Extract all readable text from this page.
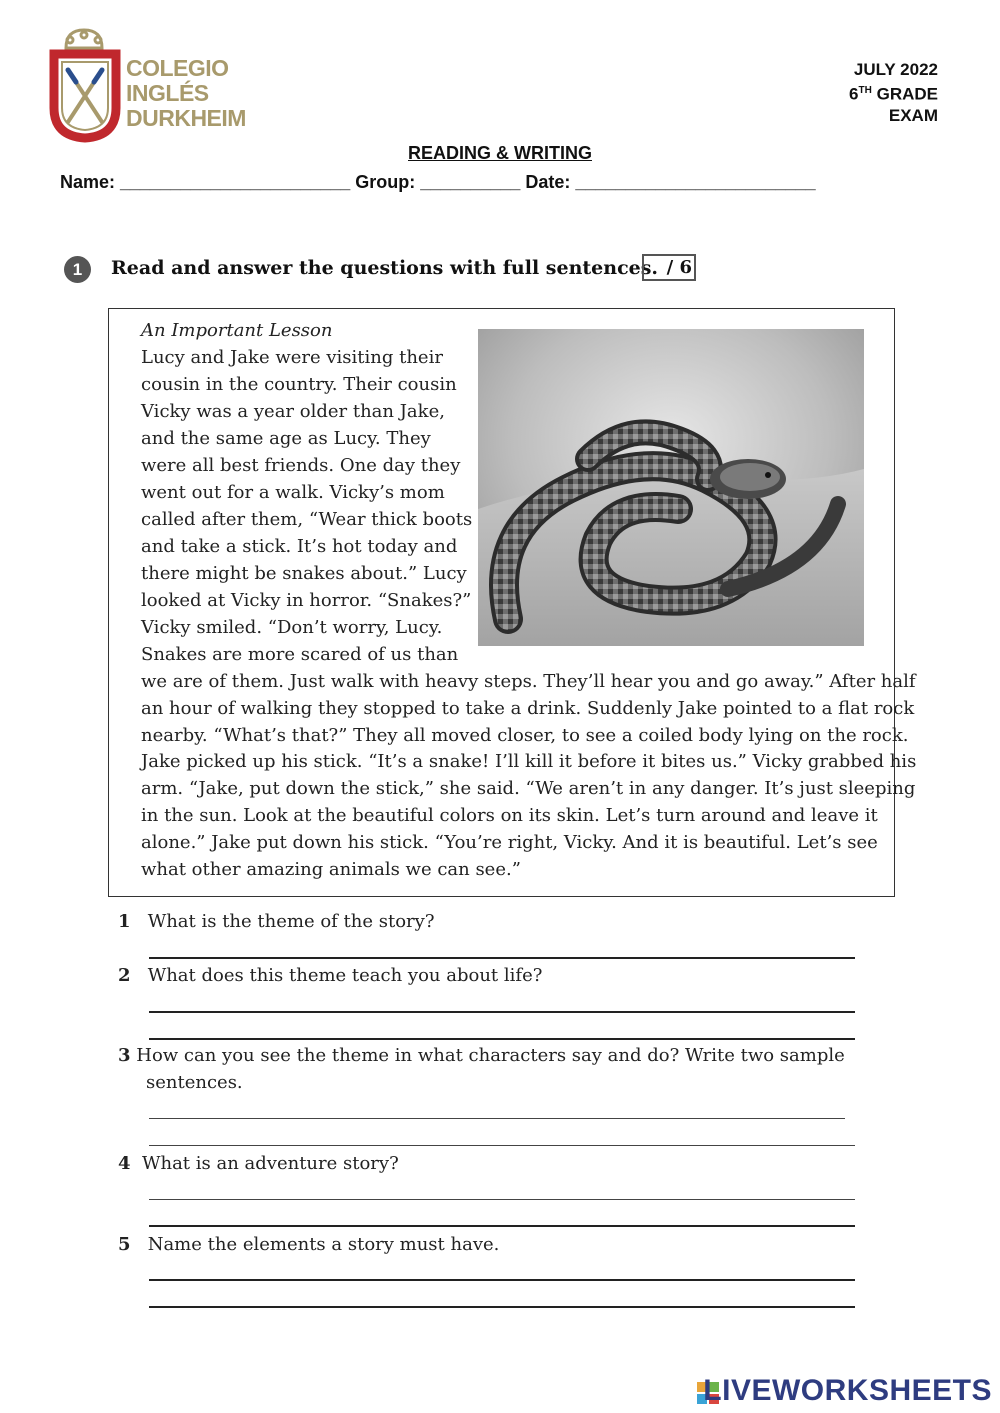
COLEGIO
INGLÉS
DURKHEIM
JULY 2022
6TH GRADE
EXAM
READING & WRITING
Name: _______________________ Group: __________ Date: ________________________
1	Read and answer the questions with full sentences. / 6
An Important Lesson
Lucy and Jake were visiting their
cousin in the country. Their cousin
Vicky was a year older than Jake,
and the same age as Lucy. They
were all best friends. One day they
went out for a walk. Vicky’s mom
called after them, “Wear thick boots
and take a stick. It’s hot today and
there might be snakes about.” Lucy
looked at Vicky in horror. “Snakes?”
Vicky smiled. “Don’t worry, Lucy.
Snakes are more scared of us than
we are of them. Just walk with heavy steps. They’ll hear you and go away.” After half
an hour of walking they stopped to take a drink. Suddenly Jake pointed to a flat rock
nearby. “What’s that?” They all moved closer, to see a coiled body lying on the rock.
Jake picked up his stick. “It’s a snake! I’ll kill it before it bites us.” Vicky grabbed his
arm. “Jake, put down the stick,” she said. “We aren’t in any danger. It’s just sleeping
in the sun. Look at the beautiful colors on its skin. Let’s turn around and leave it
alone.” Jake put down his stick. “You’re right, Vicky. And it is beautiful. Let’s see
what other amazing animals we can see.”
1 What is the theme of the story?
2 What does this theme teach you about life?
3 How can you see the theme in what characters say and do? Write two sample
sentences.
4 What is an adventure story?
5 Name the elements a story must have.
LIVEWORKSHEETS
